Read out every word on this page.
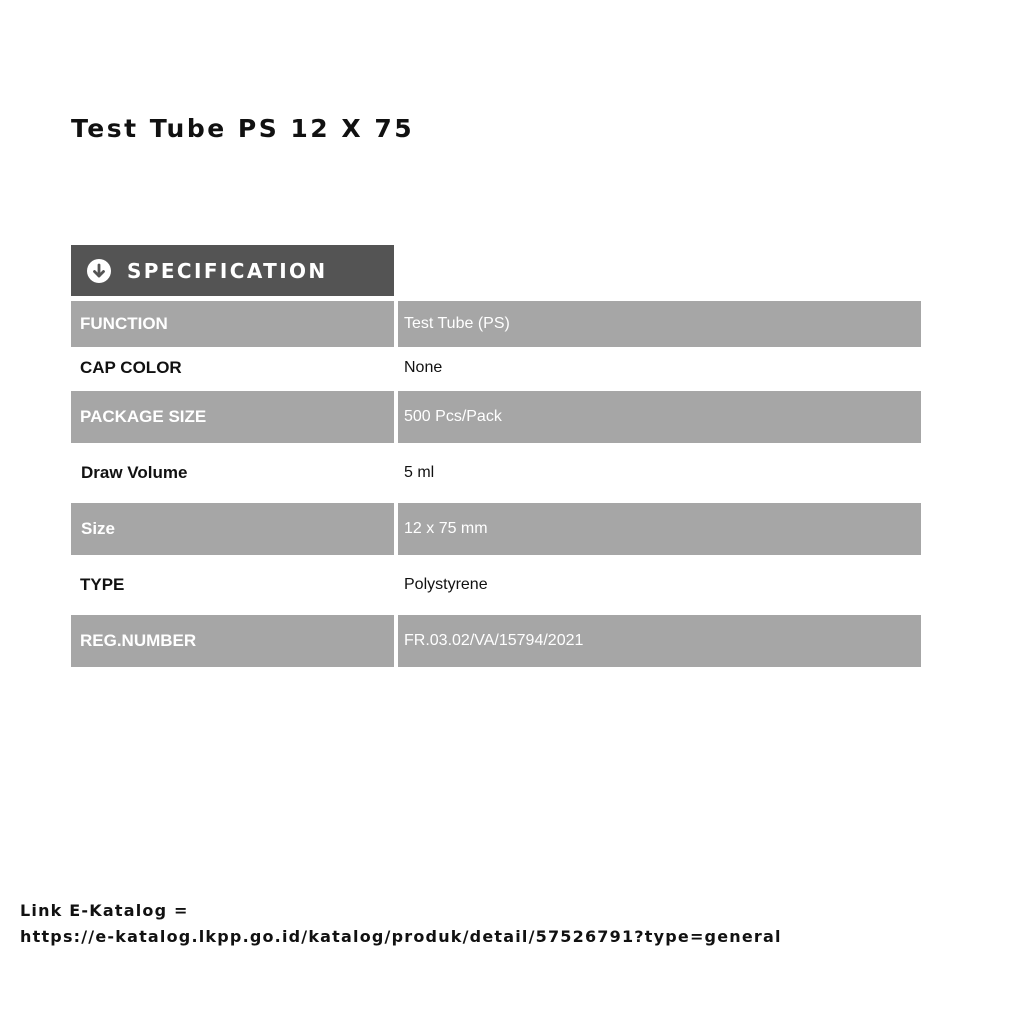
Test Tube PS 12 X 75
SPECIFICATION
FUNCTION	Test Tube (PS)
CAP COLOR	None
PACKAGE SIZE	500 Pcs/Pack
Draw Volume	5 ml
Size	12 x 75 mm
TYPE	Polystyrene
REG.NUMBER	FR.03.02/VA/15794/2021
Link E-Katalog =
https://e-katalog.lkpp.go.id/katalog/produk/detail/57526791?type=general
